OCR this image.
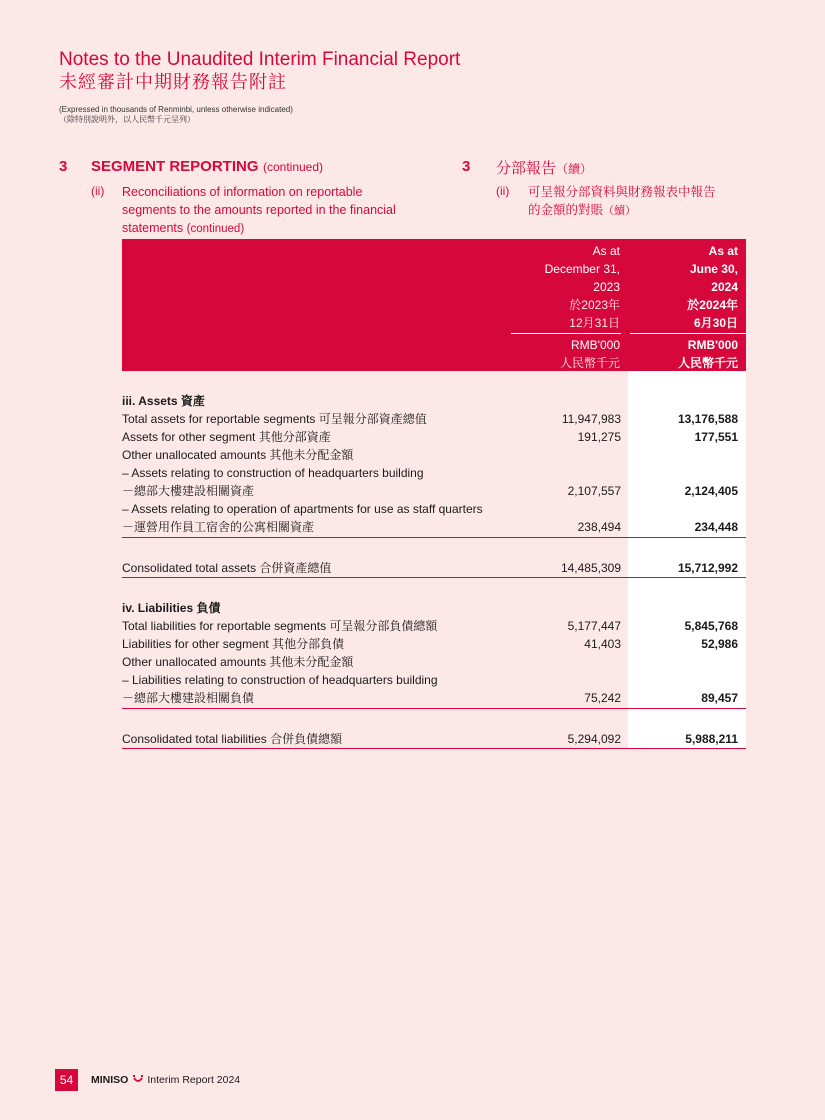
Notes to the Unaudited Interim Financial Report
未經審計中期財務報告附註
(Expressed in thousands of Renminbi, unless otherwise indicated)
（除特別說明外，以人民幣千元呈列）
3 SEGMENT REPORTING (continued)
(ii) Reconciliations of information on reportable
segments to the amounts reported in the financial
statements (continued)
3 分部報告（續）
(ii) 可呈報分部資料與財務報表中報告
的金額的對賬（續）
As at
December 31,
2023
於2023年
12月31日
RMB'000
人民幣千元
As at
June 30,
2024
於2024年
6月30日
RMB'000
人民幣千元
iii. Assets 資產
Total assets for reportable segments 可呈報分部資產總值	11,947,983	13,176,588
Assets for other segment 其他分部資產	191,275	177,551
Other unallocated amounts 其他未分配金額
– Assets relating to construction of headquarters building
－總部大樓建設相關資產	2,107,557	2,124,405
– Assets relating to operation of apartments for use as staff quarters
－運營用作員工宿舍的公寓相關資產	238,494	234,448
Consolidated total assets 合併資產總值	14,485,309	15,712,992
iv. Liabilities 負債
Total liabilities for reportable segments 可呈報分部負債總額	5,177,447	5,845,768
Liabilities for other segment 其他分部負債	41,403	52,986
Other unallocated amounts 其他未分配金額
– Liabilities relating to construction of headquarters building
－總部大樓建設相關負債	75,242	89,457
Consolidated total liabilities 合併負債總額	5,294,092	5,988,211
54	MINISO Interim Report 2024
